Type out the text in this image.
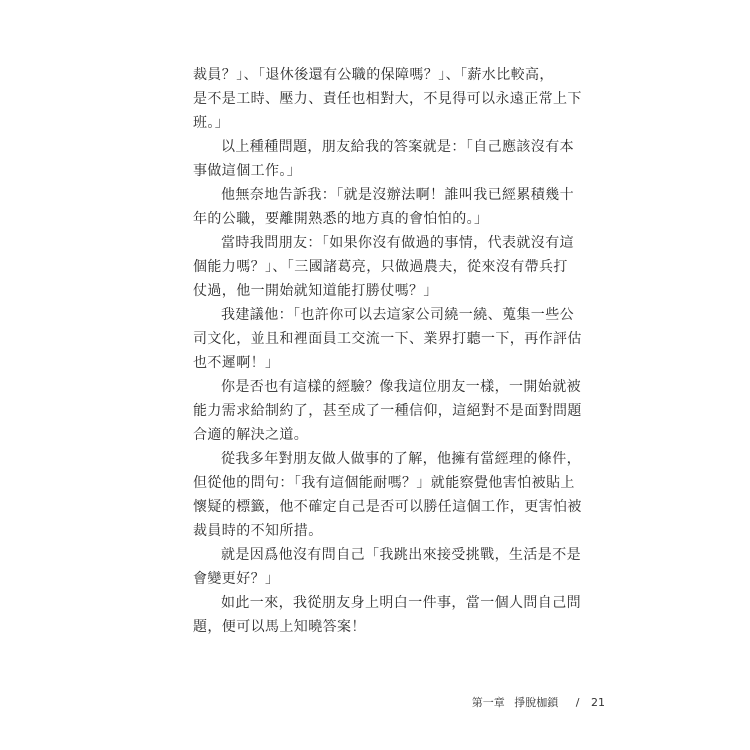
裁員？」、「退休後還有公職的保障嗎？」、「薪水比較高，
是不是工時、壓力、責任也相對大，不見得可以永遠正常上下
班。」
以上種種問題，朋友給我的答案就是：「自己應該沒有本
事做這個工作。」
他無奈地告訴我：「就是沒辦法啊！誰叫我已經累積幾十
年的公職，要離開熟悉的地方真的會怕怕的。」
當時我問朋友：「如果你沒有做過的事情，代表就沒有這
個能力嗎？」、「三國諸葛亮，只做過農夫，從來沒有帶兵打
仗過，他一開始就知道能打勝仗嗎？」
我建議他：「也許你可以去這家公司繞一繞、蒐集一些公
司文化，並且和裡面員工交流一下、業界打聽一下，再作評估
也不遲啊！」
你是否也有這樣的經驗？像我這位朋友一樣，一開始就被
能力需求給制約了，甚至成了一種信仰，這絕對不是面對問題
合適的解決之道。
從我多年對朋友做人做事的了解，他擁有當經理的條件，
但從他的問句：「我有這個能耐嗎？」就能察覺他害怕被貼上
懷疑的標籤，他不確定自己是否可以勝任這個工作，更害怕被
裁員時的不知所措。
就是因爲他沒有問自己「我跳出來接受挑戰，生活是不是
會變更好？」
如此一來，我從朋友身上明白一件事，當一個人問自己問
題，便可以馬上知曉答案！
第一章 掙脫枷鎖 / 21
